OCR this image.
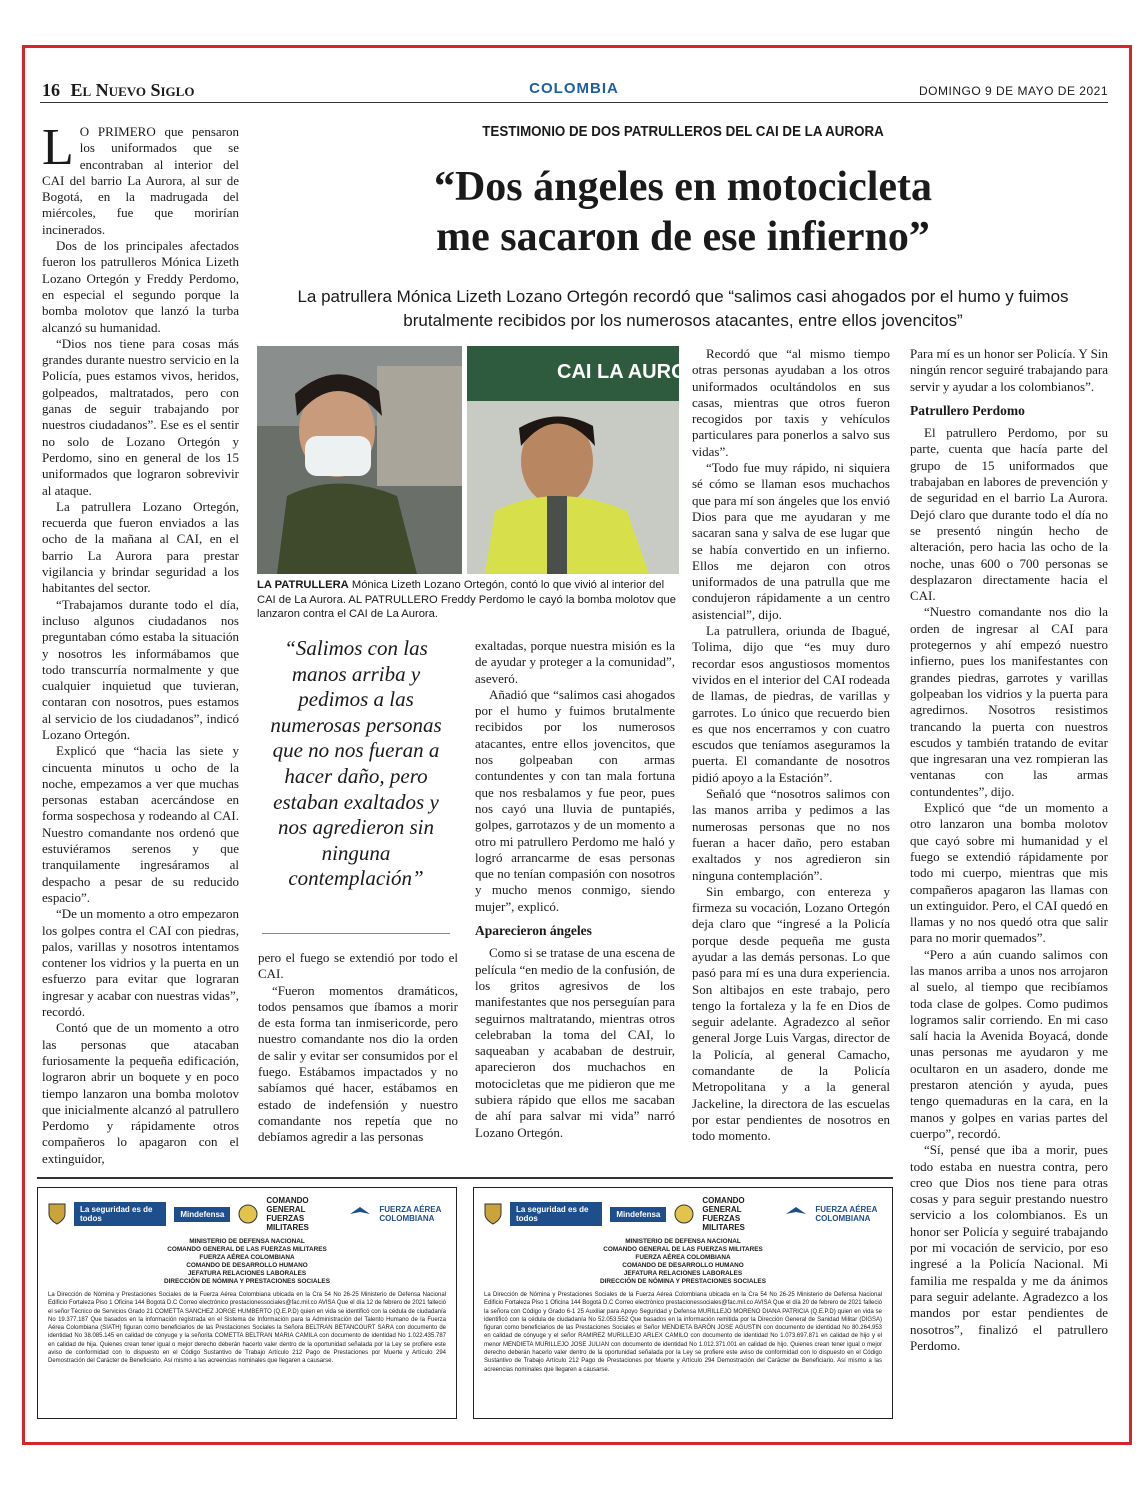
16 El Nuevo Siglo	COLOMBIA	DOMINGO 9 DE MAYO DE 2021
TESTIMONIO DE DOS PATRULLEROS DEL CAI DE LA AURORA
“Dos ángeles en motocicleta
me sacaron de ese infierno”
La patrullera Mónica Lizeth Lozano Ortegón recordó que “salimos casi ahogados por el humo y fuimos brutalmente recibidos por los numerosos atacantes, entre ellos jovencitos”
L O PRIMERO que pensaron los uniformados que se encontraban al interior del CAI del barrio La Aurora, al sur de Bogotá, en la madrugada del miércoles, fue que morirían incinerados.

Dos de los principales afectados fueron los patrulleros Mónica Lizeth Lozano Ortegón y Freddy Perdomo, en especial el segundo porque la bomba molotov que lanzó la turba alcanzó su humanidad.

“Dios nos tiene para cosas más grandes durante nuestro servicio en la Policía, pues estamos vivos, heridos, golpeados, maltratados, pero con ganas de seguir trabajando por nuestros ciudadanos”. Ese es el sentir no solo de Lozano Ortegón y Perdomo, sino en general de los 15 uniformados que lograron sobrevivir al ataque.

La patrullera Lozano Ortegón, recuerda que fueron enviados a las ocho de la mañana al CAI, en el barrio La Aurora para prestar vigilancia y brindar seguridad a los habitantes del sector.

“Trabajamos durante todo el día, incluso algunos ciudadanos nos preguntaban cómo estaba la situación y nosotros les informábamos que todo transcurría normalmente y que cualquier inquietud que tuvieran, contaran con nosotros, pues estamos al servicio de los ciudadanos”, indicó Lozano Ortegón.

Explicó que “hacia las siete y cincuenta minutos u ocho de la noche, empezamos a ver que muchas personas estaban acercándose en forma sospechosa y rodeando al CAI. Nuestro comandante nos ordenó que estuviéramos serenos y que tranquilamente ingresáramos al despacho a pesar de su reducido espacio”.

“De un momento a otro empezaron los golpes contra el CAI con piedras, palos, varillas y nosotros intentamos contener los vidrios y la puerta en un esfuerzo para evitar que lograran ingresar y acabar con nuestras vidas”, recordó.

Contó que de un momento a otro las personas que atacaban furiosamente la pequeña edificación, lograron abrir un boquete y en poco tiempo lanzaron una bomba molotov que inicialmente alcanzó al patrullero Perdomo y rápidamente otros compañeros lo apagaron con el extinguidor,

CAI LA AURORA
LA PATRULLERA Mónica Lizeth Lozano Ortegón, contó lo que vivió al interior del CAI de La Aurora. AL PATRULLERO Freddy Perdomo le cayó la bomba molotov que lanzaron contra el CAI de La Aurora.
“Salimos con las manos arriba y pedimos a las numerosas personas que no nos fueran a hacer daño, pero estaban exaltados y nos agredieron sin ninguna contemplación”

pero el fuego se extendió por todo el CAI.

“Fueron momentos dramáticos, todos pensamos que íbamos a morir de esta forma tan inmisericorde, pero nuestro comandante nos dio la orden de salir y evitar ser consumidos por el fuego. Estábamos impactados y no sabíamos qué hacer, estábamos en estado de indefensión y nuestro comandante nos repetía que no debíamos agredir a las personas

exaltadas, porque nuestra misión es la de ayudar y proteger a la comunidad”, aseveró.

Añadió que “salimos casi ahogados por el humo y fuimos brutalmente recibidos por los numerosos atacantes, entre ellos jovencitos, que nos golpeaban con armas contundentes y con tan mala fortuna que nos resbalamos y fue peor, pues nos cayó una lluvia de puntapiés, golpes, garrotazos y de un momento a otro mi patrullero Perdomo me haló y logró arrancarme de esas personas que no tenían compasión con nosotros y mucho menos conmigo, siendo mujer”, explicó.

Aparecieron ángeles

Como si se tratase de una escena de película “en medio de la confusión, de los gritos agresivos de los manifestantes que nos perseguían para seguirnos maltratando, mientras otros celebraban la toma del CAI, lo saqueaban y acababan de destruir, aparecieron dos muchachos en motocicletas que me pidieron que me subiera rápido que ellos me sacaban de ahí para salvar mi vida” narró Lozano Ortegón.

Recordó que “al mismo tiempo otras personas ayudaban a los otros uniformados ocultándolos en sus casas, mientras que otros fueron recogidos por taxis y vehículos particulares para ponerlos a salvo sus vidas”.

“Todo fue muy rápido, ni siquiera sé cómo se llaman esos muchachos que para mí son ángeles que los envió Dios para que me ayudaran y me sacaran sana y salva de ese lugar que se había convertido en un infierno. Ellos me dejaron con otros uniformados de una patrulla que me condujeron rápidamente a un centro asistencial”, dijo.

La patrullera, oriunda de Ibagué, Tolima, dijo que “es muy duro recordar esos angustiosos momentos vividos en el interior del CAI rodeada de llamas, de piedras, de varillas y garrotes. Lo único que recuerdo bien es que nos encerramos y con cuatro escudos que teníamos aseguramos la puerta. El comandante de nosotros pidió apoyo a la Estación”.

Señaló que “nosotros salimos con las manos arriba y pedimos a las numerosas personas que no nos fueran a hacer daño, pero estaban exaltados y nos agredieron sin ninguna contemplación”.

Sin embargo, con entereza y firmeza su vocación, Lozano Ortegón deja claro que “ingresé a la Policía porque desde pequeña me gusta ayudar a las demás personas. Lo que pasó para mí es una dura experiencia. Son altibajos en este trabajo, pero tengo la fortaleza y la fe en Dios de seguir adelante. Agradezco al señor general Jorge Luis Vargas, director de la Policía, al general Camacho, comandante de la Policía Metropolitana y a la general Jackeline, la directora de las escuelas por estar pendientes de nosotros en todo momento.

Para mí es un honor ser Policía. Y Sin ningún rencor seguiré trabajando para servir y ayudar a los colombianos”.

Patrullero Perdomo

El patrullero Perdomo, por su parte, cuenta que hacía parte del grupo de 15 uniformados que trabajaban en labores de prevención y de seguridad en el barrio La Aurora. Dejó claro que durante todo el día no se presentó ningún hecho de alteración, pero hacia las ocho de la noche, unas 600 o 700 personas se desplazaron directamente hacia el CAI.

“Nuestro comandante nos dio la orden de ingresar al CAI para protegernos y ahí empezó nuestro infierno, pues los manifestantes con grandes piedras, garrotes y varillas golpeaban los vidrios y la puerta para agredirnos. Nosotros resistimos trancando la puerta con nuestros escudos y también tratando de evitar que ingresaran una vez rompieran las ventanas con las armas contundentes”, dijo.

Explicó que “de un momento a otro lanzaron una bomba molotov que cayó sobre mi humanidad y el fuego se extendió rápidamente por todo mi cuerpo, mientras que mis compañeros apagaron las llamas con un extinguidor. Pero, el CAI quedó en llamas y no nos quedó otra que salir para no morir quemados”.

“Pero a aún cuando salimos con las manos arriba a unos nos arrojaron al suelo, al tiempo que recibíamos toda clase de golpes. Como pudimos logramos salir corriendo. En mi caso salí hacia la Avenida Boyacá, donde unas personas me ayudaron y me ocultaron en un asadero, donde me prestaron atención y ayuda, pues tengo quemaduras en la cara, en la manos y golpes en varias partes del cuerpo”, recordó.

“Sí, pensé que iba a morir, pues todo estaba en nuestra contra, pero creo que Dios nos tiene para otras cosas y para seguir prestando nuestro servicio a los colombianos. Es un honor ser Policía y seguiré trabajando por mi vocación de servicio, por eso ingresé a la Policía Nacional. Mi familia me respalda y me da ánimos para seguir adelante. Agradezco a los mandos por estar pendientes de nosotros”, finalizó el patrullero Perdomo.

La seguridad es de todos	Mindefensa
COMANDO GENERAL FUERZAS MILITARES
FUERZA AÉREA COLOMBIANA
MINISTERIO DE DEFENSA NACIONAL
COMANDO GENERAL DE LAS FUERZAS MILITARES
FUERZA AÉREA COLOMBIANA
COMANDO DE DESARROLLO HUMANO
JEFATURA RELACIONES LABORALES
DIRECCIÓN DE NÓMINA Y PRESTACIONES SOCIALES
La Dirección de Nómina y Prestaciones Sociales de la Fuerza Aérea Colombiana ubicada en la Cra 54 No 26-25 Ministerio de Defensa Nacional Edificio Fortaleza Piso 1 Oficina 144 Bogotá D.C Correo electrónico prestacionessociales@fac.mil.co AVISA Que el día 12 de febrero de 2021 falleció el señor Técnico de Servicios Grado 21 COMETTA SANCHEZ JORGE HUMBERTO (Q.E.P.D) quien en vida se identificó con la cédula de ciudadanía No 19.377.187 Que basados en la información registrada en el Sistema de Información para la Administración del Talento Humano de la Fuerza Aérea Colombiana (SIATH) figuran como beneficiarios de las Prestaciones Sociales la Señora BELTRAN BETANCOURT SARA con documento de identidad No 38.085.145 en calidad de cónyuge y la señorita COMETTA BELTRAN MARIA CAMILA con documento de identidad No 1.022.435.787 en calidad de hija. Quienes crean tener igual o mejor derecho deberán hacerlo valer dentro de la oportunidad señalada por la Ley se profiere este aviso de conformidad con lo dispuesto en el Código Sustantivo de Trabajo Artículo 212 Pago de Prestaciones por Muerte y Artículo 294 Demostración del Carácter de Beneficiario. Así mismo a las acreencias nominales que llegaren a causarse.
La seguridad es de todos	Mindefensa
COMANDO GENERAL FUERZAS MILITARES
FUERZA AÉREA COLOMBIANA
MINISTERIO DE DEFENSA NACIONAL
COMANDO GENERAL DE LAS FUERZAS MILITARES
FUERZA AÉREA COLOMBIANA
COMANDO DE DESARROLLO HUMANO
JEFATURA RELACIONES LABORALES
DIRECCIÓN DE NÓMINA Y PRESTACIONES SOCIALES
La Dirección de Nómina y Prestaciones Sociales de la Fuerza Aérea Colombiana ubicada en la Cra 54 No 26-25 Ministerio de Defensa Nacional Edificio Fortaleza Piso 1 Oficina 144 Bogotá D.C Correo electrónico prestacionessociales@fac.mil.co AVISA Que el día 20 de febrero de 2021 falleció la señora con Código y Grado 6-1 25 Auxiliar para Apoyo Seguridad y Defensa MURILLEJO MORENO DIANA PATRICIA (Q.E.P.D) quien en vida se identificó con la cédula de ciudadanía No 52.053.552 Que basados en la información remitida por la Dirección General de Sanidad Militar (DIGSA) figuran como beneficiarios de las Prestaciones Sociales el Señor MENDIETA BARÓN JOSE AGUSTIN con documento de identidad No 80.264.953 en calidad de cónyuge y el señor RAMIREZ MURILLEJO ARLEX CAMILO con documento de identidad No 1.073.697.871 en calidad de hijo y el menor MENDIETA MURILLEJO JOSE JULIAN con documento de identidad No 1.012.371.001 en calidad de hijo. Quienes crean tener igual o mejor derecho deberán hacerlo valer dentro de la oportunidad señalada por la Ley se profiere este aviso de conformidad con lo dispuesto en el Código Sustantivo de Trabajo Artículo 212 Pago de Prestaciones por Muerte y Artículo 294 Demostración del Carácter de Beneficiario. Así mismo a las acreencias nominales que llegaren a causarse.
